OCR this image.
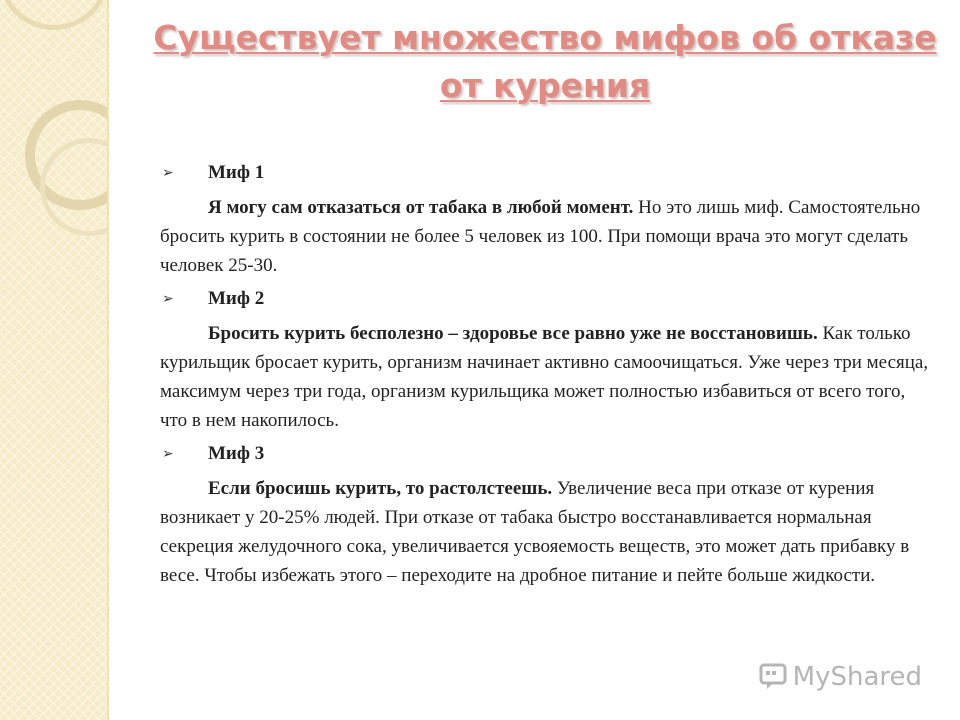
Существует множество мифов об отказе от курения

➢ Миф 1

Я могу сам отказаться от табака в любой момент. Но это лишь миф. Самостоятельно бросить курить в состоянии не более 5 человек из 100. При помощи врача это могут сделать человек 25-30.

➢ Миф 2

Бросить курить бесполезно – здоровье все равно уже не восстановишь. Как только курильщик бросает курить, организм начинает активно самоочищаться. Уже через три месяца, максимум через три года, организм курильщика может полностью избавиться от всего того, что в нем накопилось.

➢ Миф 3

Если бросишь курить, то растолстеешь. Увеличение веса при отказе от курения возникает у 20-25% людей. При отказе от табака быстро восстанавливается нормальная секреция желудочного сока, увеличивается усвояемость веществ, это может дать прибавку в весе. Чтобы избежать этого – переходите на дробное питание и пейте больше жидкости.

MyShared
